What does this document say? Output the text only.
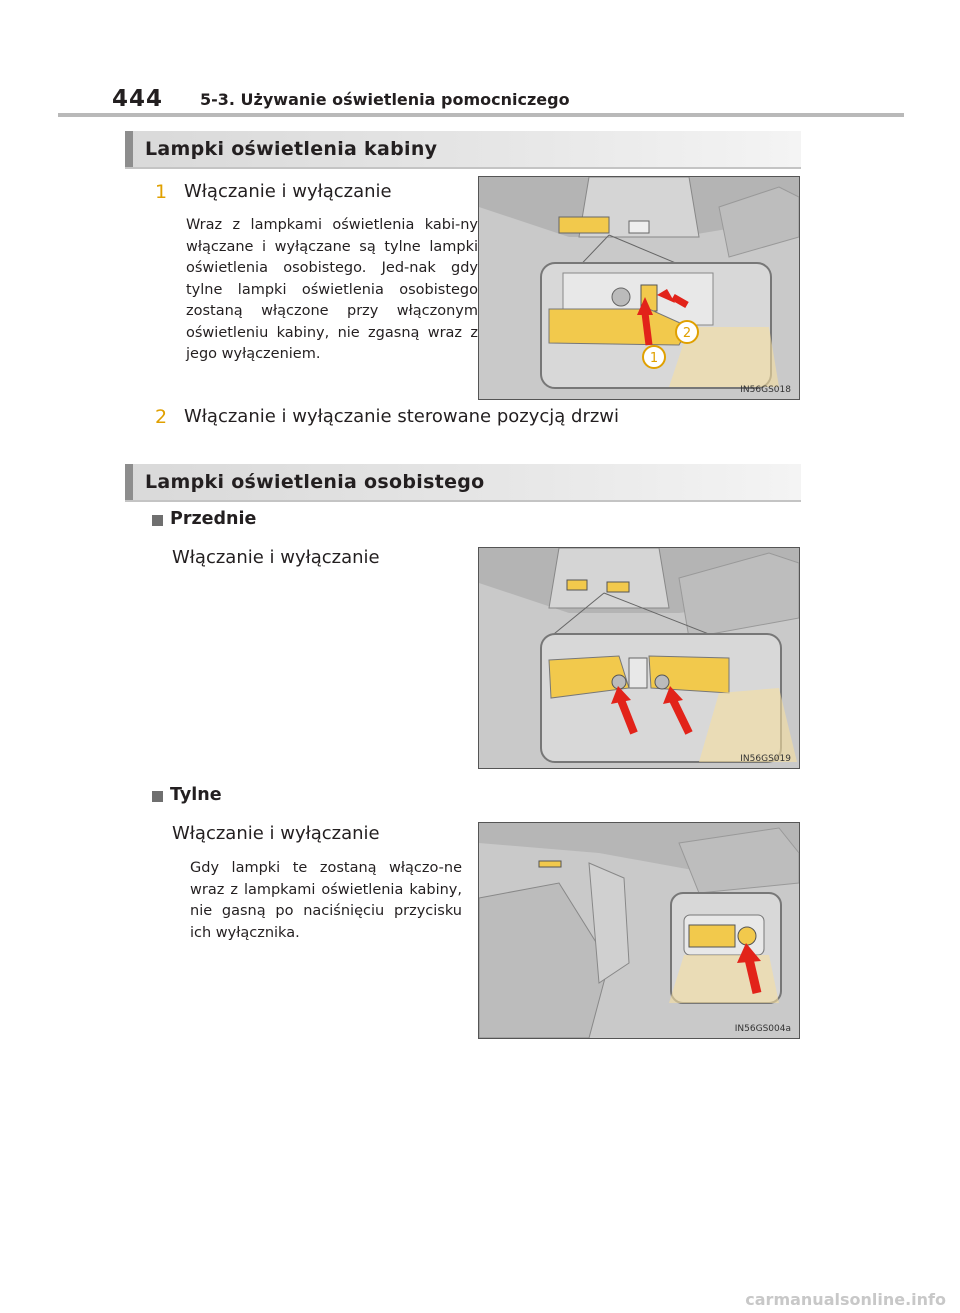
444 5-3. Używanie oświetlenia pomocniczego
Lampki oświetlenia kabiny
1 Włączanie i wyłączanie
Wraz z lampkami oświetlenia kabi-ny włączane i wyłączane są tylne lampki oświetlenia osobistego. Jed-nak gdy tylne lampki oświetlenia osobistego zostaną włączone przy włączonym oświetleniu kabiny, nie zgasną wraz z jego wyłączeniem.
2
1
IN56GS018
2 Włączanie i wyłączanie sterowane pozycją drzwi
Lampki oświetlenia osobistego
Przednie
Włączanie i wyłączanie
IN56GS019
Tylne
Włączanie i wyłączanie
Gdy lampki te zostaną włączo-ne wraz z lampkami oświetlenia kabiny, nie gasną po naciśnięciu przycisku ich wyłącznika.
IN56GS004a
carmanualsonline.info
